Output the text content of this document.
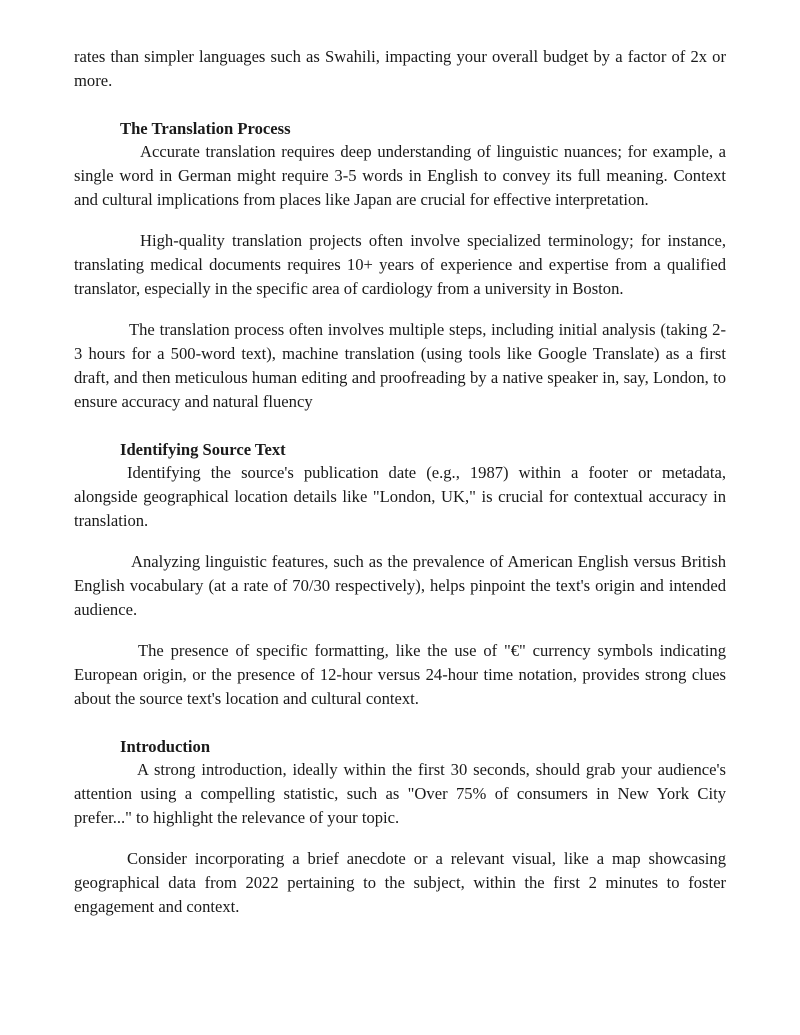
rates than simpler languages such as Swahili, impacting your overall budget by a factor of 2x or more.

The Translation Process

Accurate translation requires deep understanding of linguistic nuances; for example, a single word in German might require 3-5 words in English to convey its full meaning. Context and cultural implications from places like Japan are crucial for effective interpretation.

High-quality translation projects often involve specialized terminology; for instance, translating medical documents requires 10+ years of experience and expertise from a qualified translator, especially in the specific area of cardiology from a university in Boston.

The translation process often involves multiple steps, including initial analysis (taking 2-3 hours for a 500-word text), machine translation (using tools like Google Translate) as a first draft, and then meticulous human editing and proofreading by a native speaker in, say, London, to ensure accuracy and natural fluency

Identifying Source Text

Identifying the source's publication date (e.g., 1987) within a footer or metadata, alongside geographical location details like "London, UK," is crucial for contextual accuracy in translation.

Analyzing linguistic features, such as the prevalence of American English versus British English vocabulary (at a rate of 70/30 respectively), helps pinpoint the text's origin and intended audience.

The presence of specific formatting, like the use of "€" currency symbols indicating European origin, or the presence of 12-hour versus 24-hour time notation, provides strong clues about the source text's location and cultural context.

Introduction

A strong introduction, ideally within the first 30 seconds, should grab your audience's attention using a compelling statistic, such as "Over 75% of consumers in New York City prefer..." to highlight the relevance of your topic.

Consider incorporating a brief anecdote or a relevant visual, like a map showcasing geographical data from 2022 pertaining to the subject, within the first 2 minutes to foster engagement and context.
